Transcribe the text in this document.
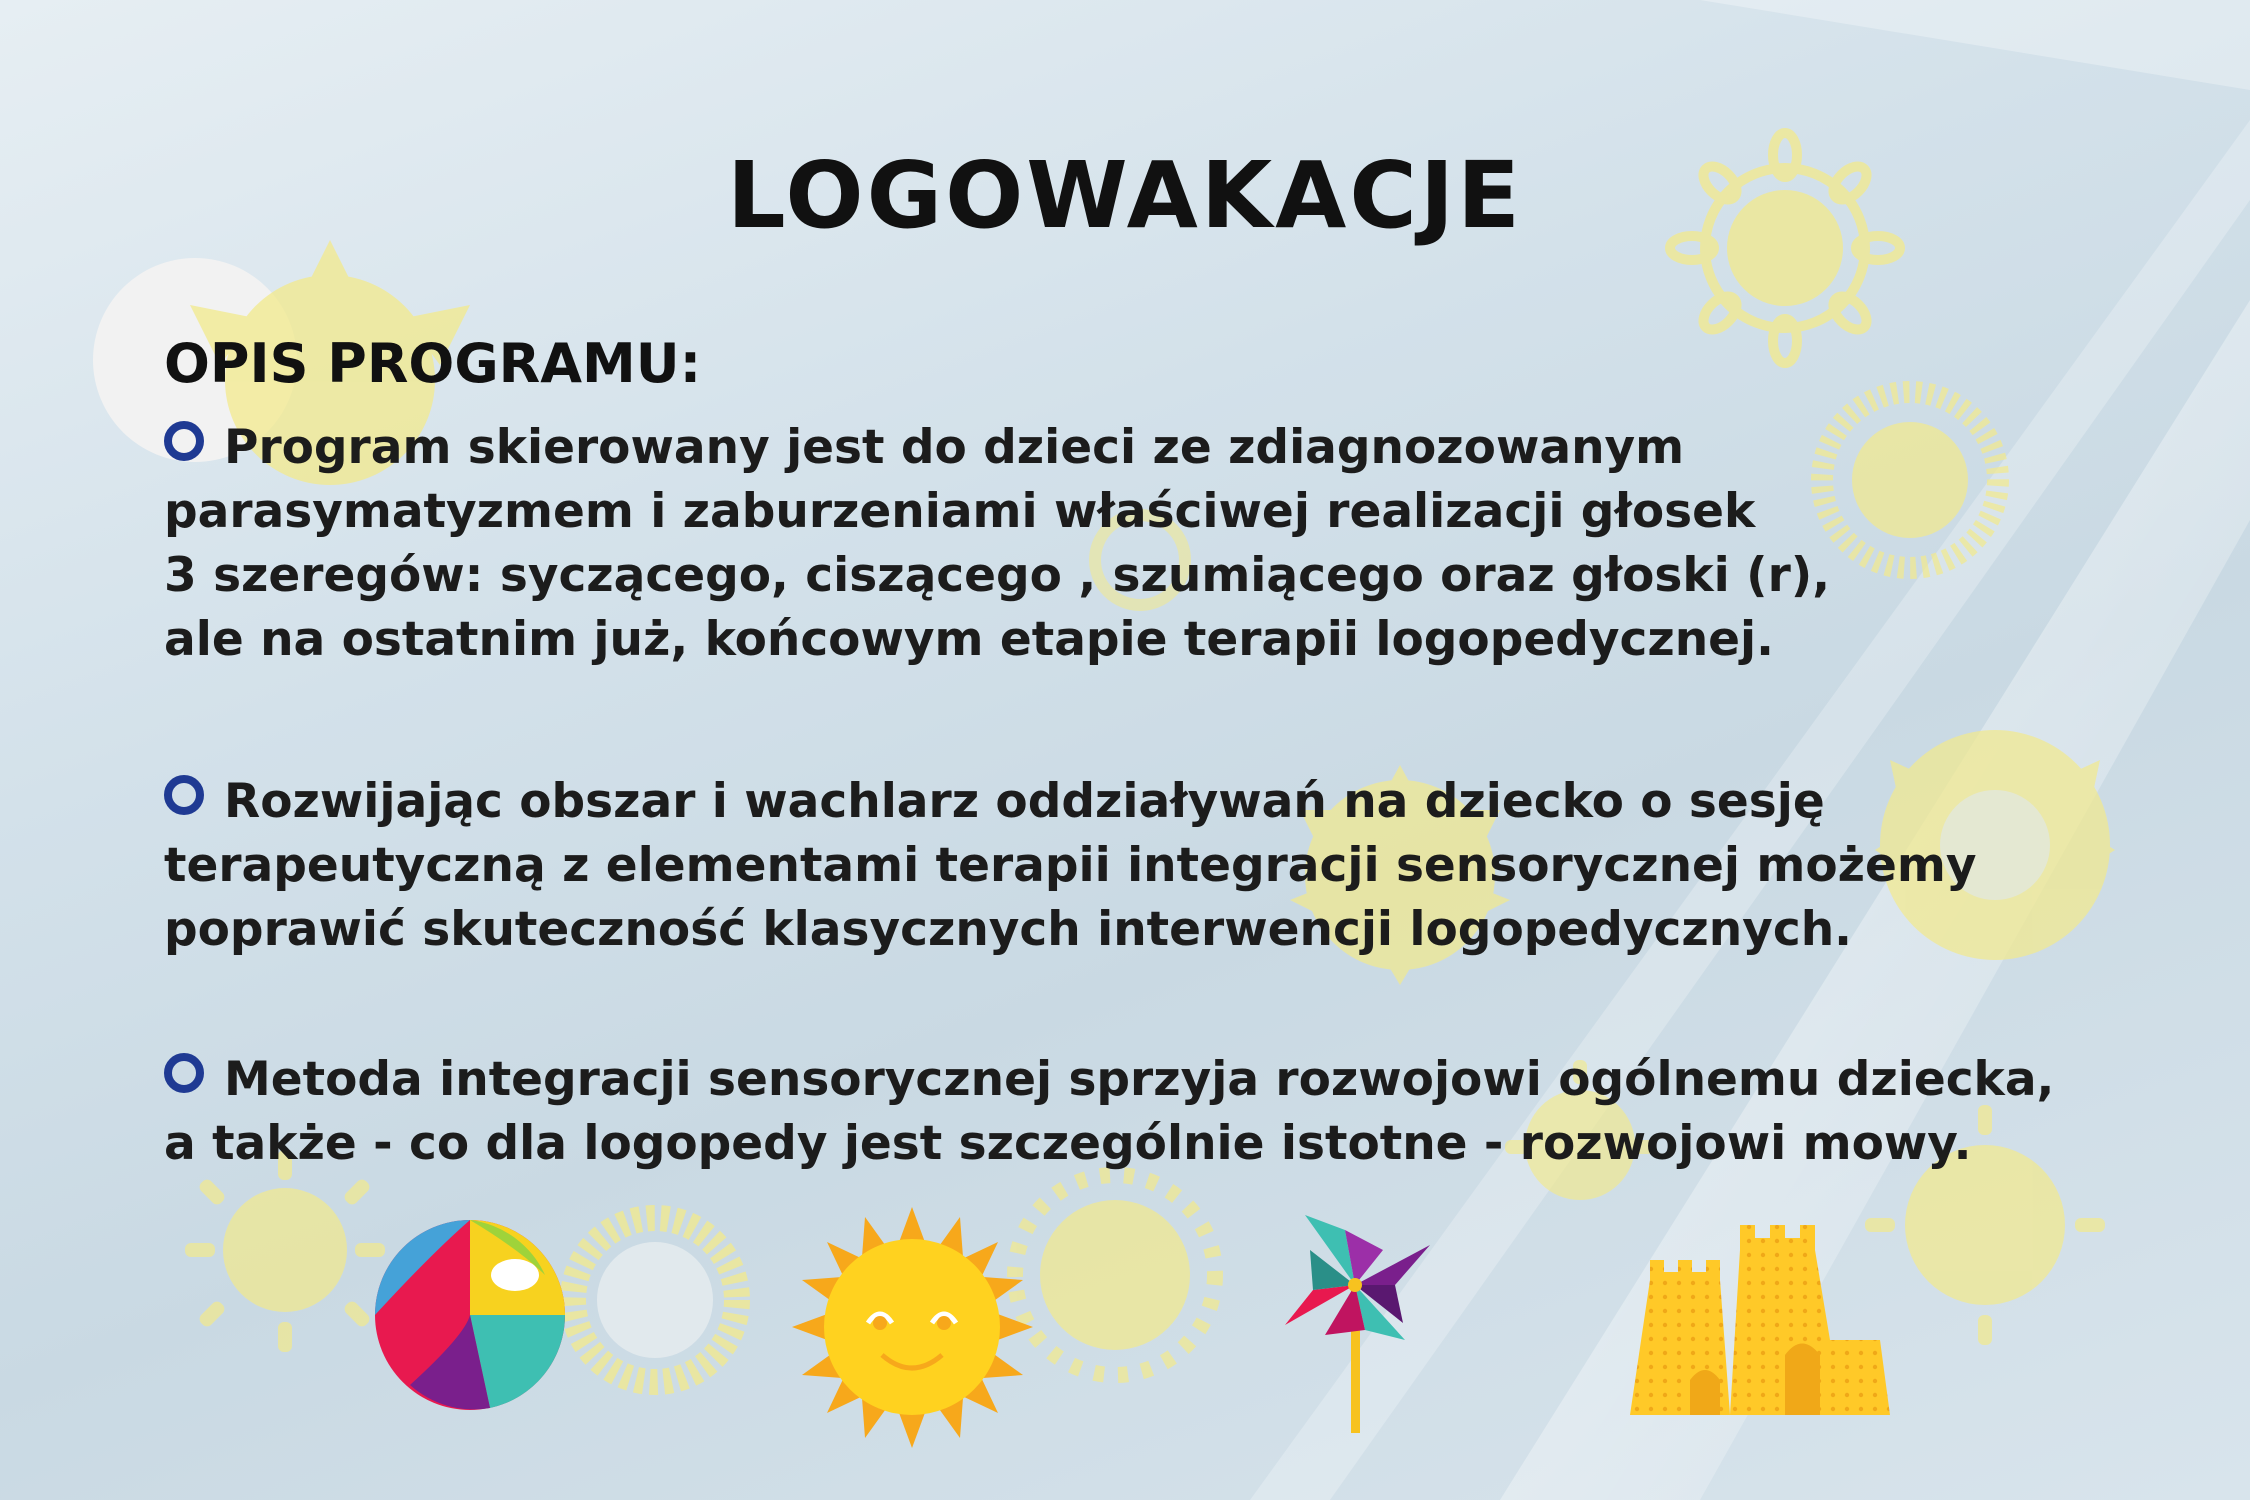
LOGOWAKACJE
OPIS PROGRAMU:
Program skierowany jest do dzieci ze zdiagnozowanym
parasymatyzmem i zaburzeniami właściwej realizacji głosek
3 szeregów: syczącego, ciszącego , szumiącego oraz głoski (r),
ale na ostatnim już, końcowym etapie terapii logopedycznej.
Rozwijając obszar i wachlarz oddziaływań na dziecko o sesję
terapeutyczną z elementami terapii integracji sensorycznej możemy
poprawić skuteczność klasycznych interwencji logopedycznych.
Metoda integracji sensorycznej sprzyja rozwojowi ogólnemu dziecka,
a także - co dla logopedy jest szczególnie istotne - rozwojowi mowy.
